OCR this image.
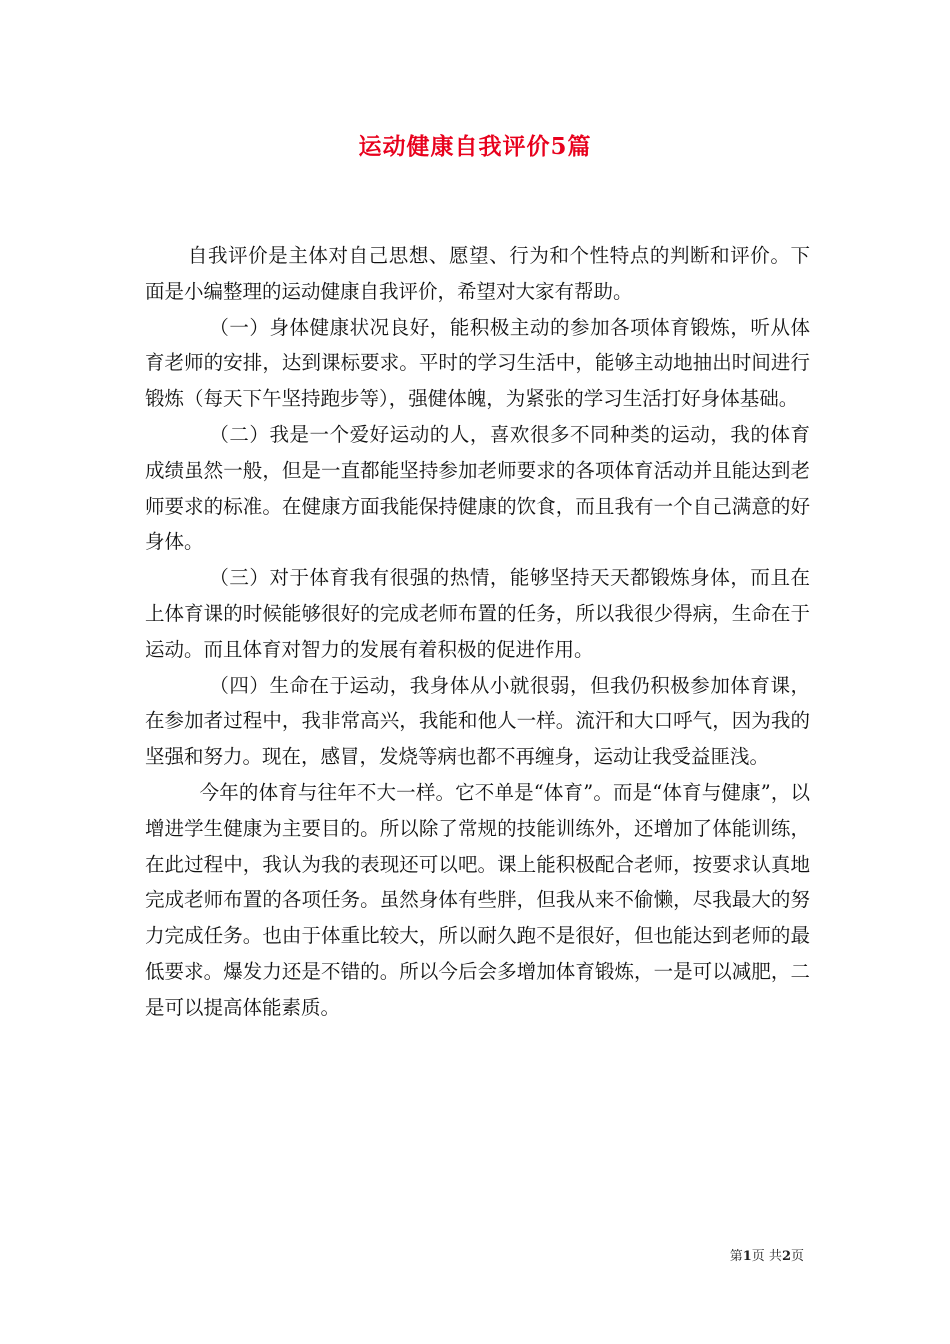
运动健康自我评价5篇

自我评价是主体对自己思想、愿望、行为和个性特点的判断和评价。下面是小编整理的运动健康自我评价，希望对大家有帮助。

（一）身体健康状况良好，能积极主动的参加各项体育锻炼，听从体育老师的安排，达到课标要求。平时的学习生活中，能够主动地抽出时间进行锻炼（每天下午坚持跑步等），强健体魄，为紧张的学习生活打好身体基础。

（二）我是一个爱好运动的人，喜欢很多不同种类的运动，我的体育成绩虽然一般，但是一直都能坚持参加老师要求的各项体育活动并且能达到老师要求的标准。在健康方面我能保持健康的饮食，而且我有一个自己满意的好身体。

（三）对于体育我有很强的热情，能够坚持天天都锻炼身体，而且在上体育课的时候能够很好的完成老师布置的任务，所以我很少得病，生命在于运动。而且体育对智力的发展有着积极的促进作用。

（四）生命在于运动，我身体从小就很弱，但我仍积极参加体育课，在参加者过程中，我非常高兴，我能和他人一样。流汗和大口呼气，因为我的坚强和努力。现在，感冒，发烧等病也都不再缠身，运动让我受益匪浅。

今年的体育与往年不大一样。它不单是“体育”。而是“体育与健康”，以增进学生健康为主要目的。所以除了常规的技能训练外，还增加了体能训练，在此过程中，我认为我的表现还可以吧。课上能积极配合老师，按要求认真地完成老师布置的各项任务。虽然身体有些胖，但我从来不偷懒，尽我最大的努力完成任务。也由于体重比较大，所以耐久跑不是很好，但也能达到老师的最低要求。爆发力还是不错的。所以今后会多增加体育锻炼，一是可以减肥，二是可以提高体能素质。

第1页 共2页
